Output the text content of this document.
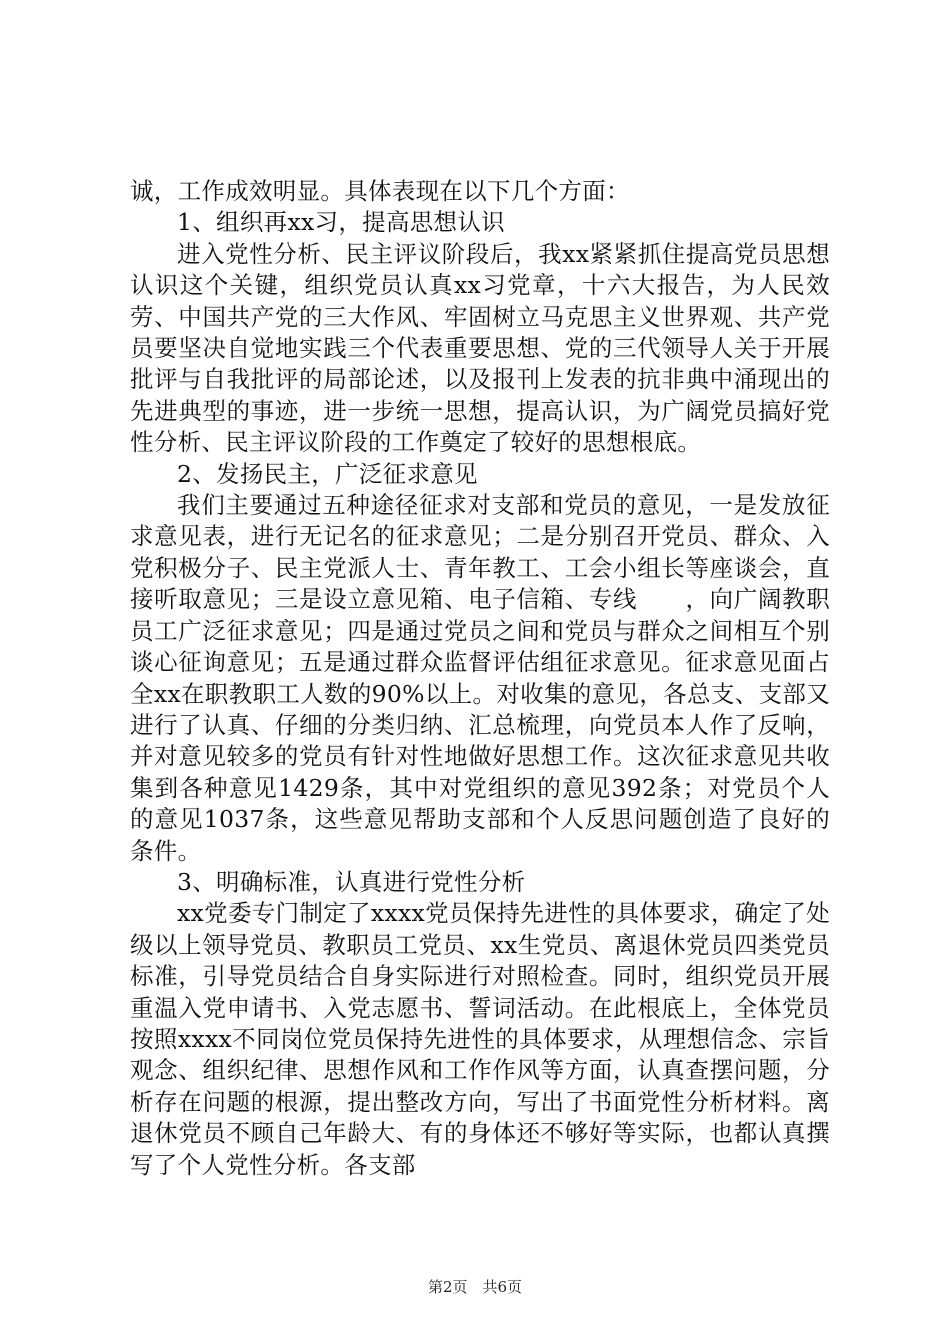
诚，工作成效明显。具体表现在以下几个方面：

1、组织再xx习，提高思想认识

进入党性分析、民主评议阶段后，我xx紧紧抓住提高党员思想认识这个关键，组织党员认真xx习党章，十六大报告，为人民效劳、中国共产党的三大作风、牢固树立马克思主义世界观、共产党员要坚决自觉地实践三个代表重要思想、党的三代领导人关于开展批评与自我批评的局部论述，以及报刊上发表的抗非典中涌现出的先进典型的事迹，进一步统一思想，提高认识，为广阔党员搞好党性分析、民主评议阶段的工作奠定了较好的思想根底。

2、发扬民主，广泛征求意见

我们主要通过五种途径征求对支部和党员的意见，一是发放征求意见表，进行无记名的征求意见；二是分别召开党员、群众、入党积极分子、民主党派人士、青年教工、工会小组长等座谈会，直接听取意见；三是设立意见箱、电子信箱、专线　　，向广阔教职员工广泛征求意见；四是通过党员之间和党员与群众之间相互个别谈心征询意见；五是通过群众监督评估组征求意见。征求意见面占全xx在职教职工人数的90%以上。对收集的意见，各总支、支部又进行了认真、仔细的分类归纳、汇总梳理，向党员本人作了反响，并对意见较多的党员有针对性地做好思想工作。这次征求意见共收集到各种意见1429条，其中对党组织的意见392条；对党员个人的意见1037条，这些意见帮助支部和个人反思问题创造了良好的条件。

3、明确标准，认真进行党性分析

xx党委专门制定了xxxx党员保持先进性的具体要求，确定了处级以上领导党员、教职员工党员、xx生党员、离退休党员四类党员标准，引导党员结合自身实际进行对照检查。同时，组织党员开展重温入党申请书、入党志愿书、誓词活动。在此根底上，全体党员按照xxxx不同岗位党员保持先进性的具体要求，从理想信念、宗旨观念、组织纪律、思想作风和工作作风等方面，认真查摆问题，分析存在问题的根源，提出整改方向，写出了书面党性分析材料。离退休党员不顾自己年龄大、有的身体还不够好等实际，也都认真撰写了个人党性分析。各支部

第2页　共6页
